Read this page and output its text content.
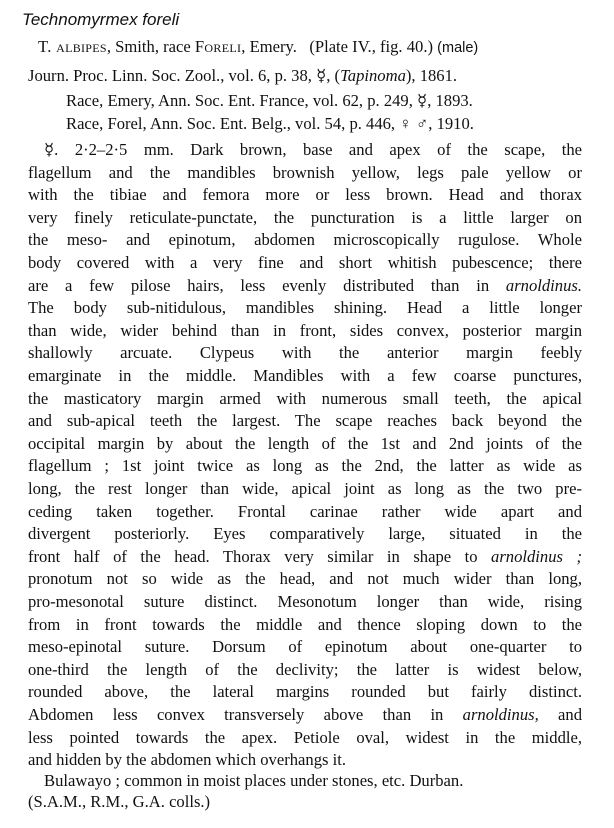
Technomyrmex foreli
T. albipes, Smith, race Foreli, Emery. (Plate IV., fig. 40.) (male)
Journ. Proc. Linn. Soc. Zool., vol. 6, p. 38, ☿, (Tapinoma), 1861.
Race, Emery, Ann. Soc. Ent. France, vol. 62, p. 249, ☿, 1893.
Race, Forel, Ann. Soc. Ent. Belg., vol. 54, p. 446, ♀ ♂, 1910.
☿. 2·2–2·5 mm. Dark brown, base and apex of the scape, the
flagellum and the mandibles brownish yellow, legs pale yellow or
with the tibiae and femora more or less brown. Head and thorax
very finely reticulate-punctate, the puncturation is a little larger on
the meso- and epinotum, abdomen microscopically rugulose. Whole
body covered with a very fine and short whitish pubescence; there
are a few pilose hairs, less evenly distributed than in arnoldinus.
The body sub-nitidulous, mandibles shining. Head a little longer
than wide, wider behind than in front, sides convex, posterior margin
shallowly arcuate. Clypeus with the anterior margin feebly
emarginate in the middle. Mandibles with a few coarse punctures,
the masticatory margin armed with numerous small teeth, the apical
and sub-apical teeth the largest. The scape reaches back beyond the
occipital margin by about the length of the 1st and 2nd joints of the
flagellum ; 1st joint twice as long as the 2nd, the latter as wide as
long, the rest longer than wide, apical joint as long as the two pre-
ceding taken together. Frontal carinae rather wide apart and
divergent posteriorly. Eyes comparatively large, situated in the
front half of the head. Thorax very similar in shape to arnoldinus ;
pronotum not so wide as the head, and not much wider than long,
pro-mesonotal suture distinct. Mesonotum longer than wide, rising
from in front towards the middle and thence sloping down to the
meso-epinotal suture. Dorsum of epinotum about one-quarter to
one-third the length of the declivity; the latter is widest below,
rounded above, the lateral margins rounded but fairly distinct.
Abdomen less convex transversely above than in arnoldinus, and
less pointed towards the apex. Petiole oval, widest in the middle,
and hidden by the abdomen which overhangs it.
Bulawayo ; common in moist places under stones, etc. Durban.
(S.A.M., R.M., G.A. colls.)
